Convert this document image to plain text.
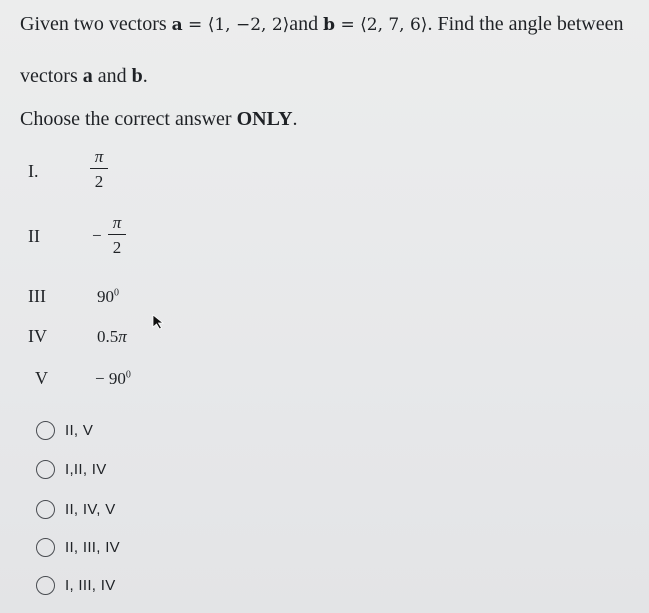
Given two vectors a = ⟨1, −2, 2⟩and b = ⟨2, 7, 6⟩. Find the angle between
vectors a and b.
Choose the correct answer ONLY.
I.
π
2
II	−
π
2
III	$90^0$
IV	0.5π
V	− $90^0$
II, V
I,II, IV
II, IV, V
II, III, IV
I, III, IV
